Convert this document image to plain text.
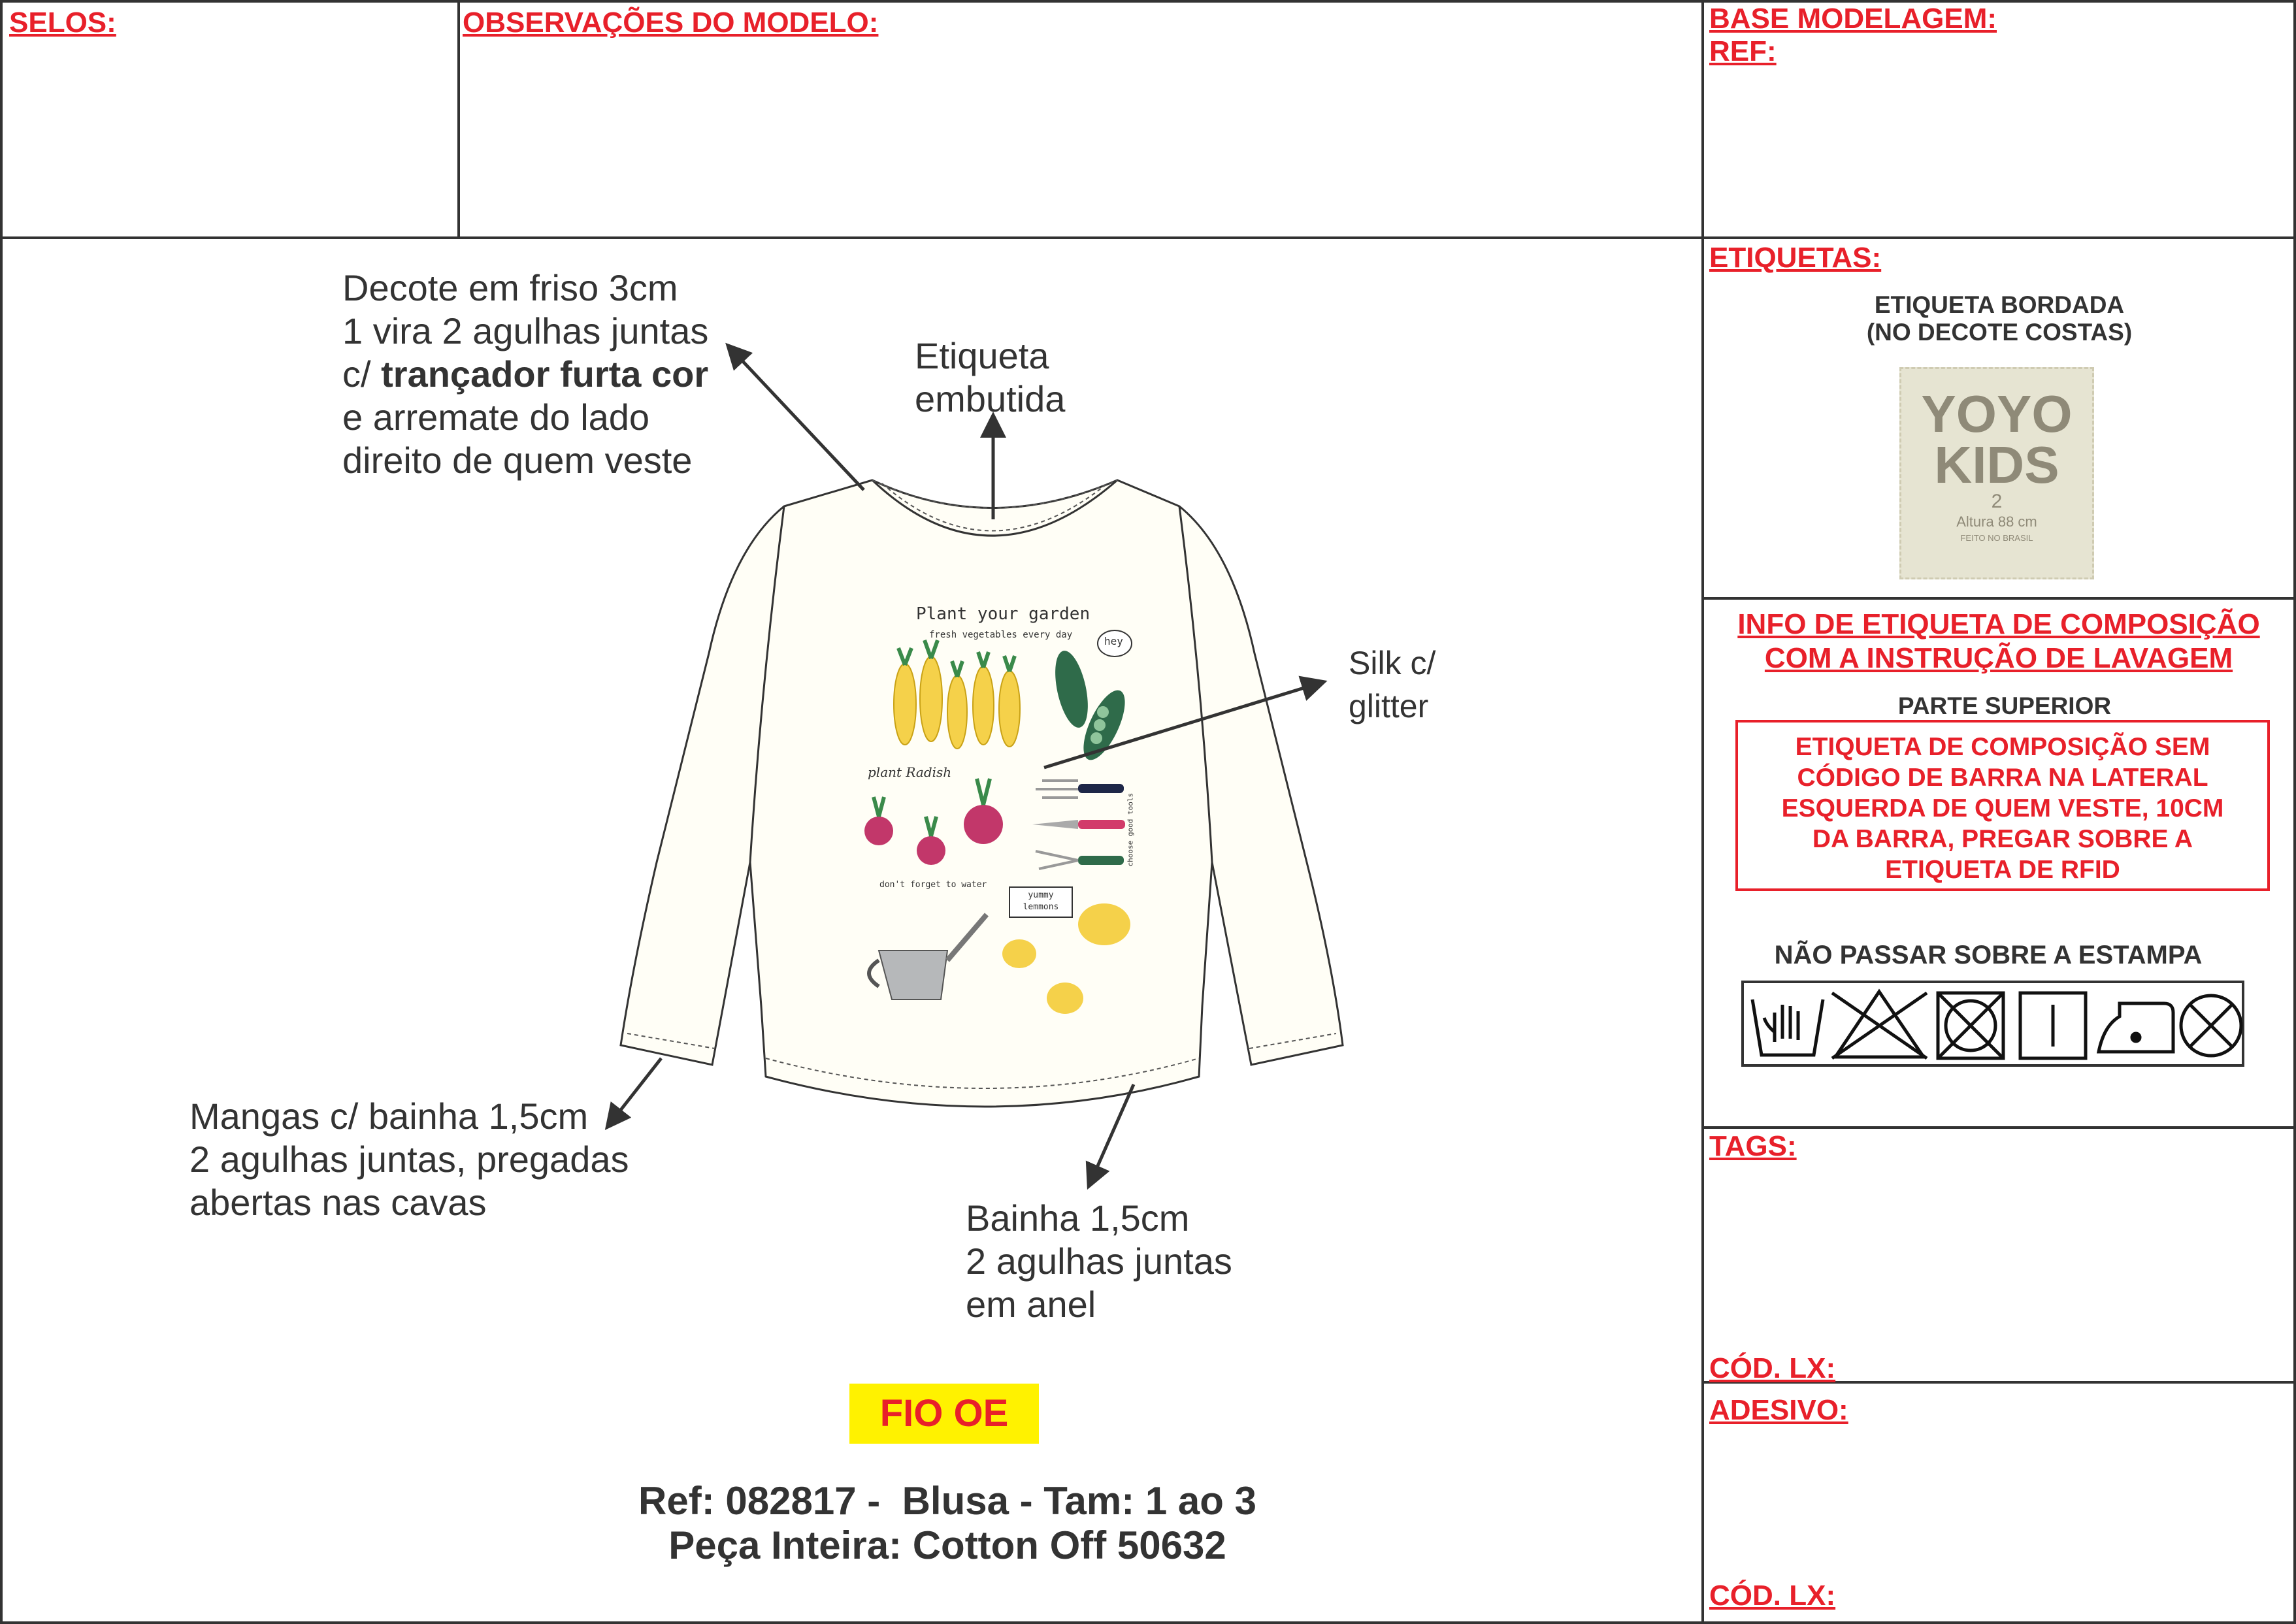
SELOS:	OBSERVAÇÕES DO MODELO:	BASE MODELAGEM:
REF:
Decote em friso 3cm
1 vira 2 agulhas juntas
c/ trançador furta cor
e arremate do lado
direito de quem veste
Etiqueta
embutida
Silk c/
glitter
Mangas c/ bainha 1,5cm
2 agulhas juntas, pregadas
abertas nas cavas	Bainha 1,5cm
2 agulhas juntas
em anel
Plant your garden
fresh vegetables every day	hey
plant Radish
choose good tools
don't forget to water
yummy
lemmons
FIO OE
Ref: 082817 -  Blusa - Tam: 1 ao 3
Peça Inteira: Cotton Off 50632
ETIQUETAS:
ETIQUETA BORDADA
(NO DECOTE COSTAS)
YOYO
KIDS
2
Altura 88 cm
FEITO NO BRASIL
INFO DE ETIQUETA DE COMPOSIÇÃO
COM A INSTRUÇÃO DE LAVAGEM
PARTE SUPERIOR
ETIQUETA DE COMPOSIÇÃO SEM
CÓDIGO DE BARRA NA LATERAL
ESQUERDA DE QUEM VESTE, 10CM
DA BARRA, PREGAR SOBRE A
ETIQUETA DE RFID
NÃO PASSAR SOBRE A ESTAMPA
TAGS:
CÓD. LX:
ADESIVO:
CÓD. LX:
